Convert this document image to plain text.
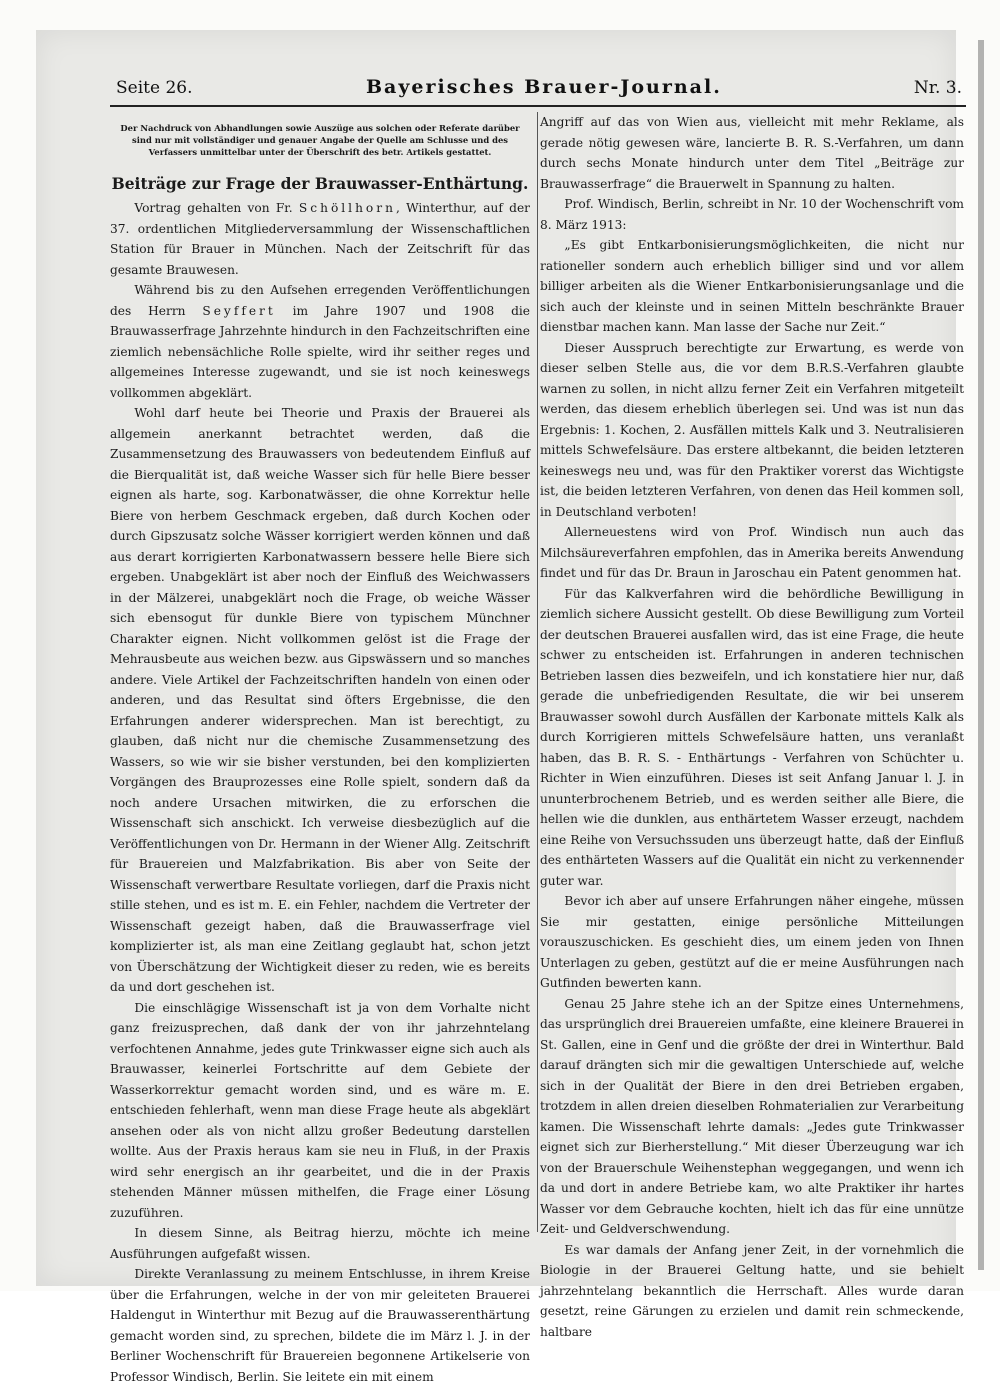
Seite 26.	Bayerisches Brauer-Journal.	Nr. 3.
Der Nachdruck von Abhandlungen sowie Auszüge aus solchen oder Referate darüber sind nur mit vollständiger und genauer Angabe der Quelle am Schlusse und des Verfassers unmittelbar unter der Überschrift des betr. Artikels gestattet.
Beiträge zur Frage der Brauwasser-Enthärtung.

Vortrag gehalten von Fr. Schöllhorn, Winterthur, auf der 37. ordentlichen Mitgliederversammlung der Wissenschaftlichen Station für Brauer in München. Nach der Zeitschrift für das gesamte Brauwesen.

Während bis zu den Aufsehen erregenden Veröffentlichungen des Herrn Seyffert im Jahre 1907 und 1908 die Brauwasserfrage Jahrzehnte hindurch in den Fachzeitschriften eine ziemlich nebensächliche Rolle spielte, wird ihr seither reges und allgemeines Interesse zugewandt, und sie ist noch keineswegs vollkommen abgeklärt.

Wohl darf heute bei Theorie und Praxis der Brauerei als allgemein anerkannt betrachtet werden, daß die Zusammensetzung des Brauwassers von bedeutendem Einfluß auf die Bierqualität ist, daß weiche Wasser sich für helle Biere besser eignen als harte, sog. Karbonatwässer, die ohne Korrektur helle Biere von herbem Geschmack ergeben, daß durch Kochen oder durch Gipszusatz solche Wässer korrigiert werden können und daß aus derart korrigierten Karbonatwassern bessere helle Biere sich ergeben. Unabgeklärt ist aber noch der Einfluß des Weichwassers in der Mälzerei, unabgeklärt noch die Frage, ob weiche Wässer sich ebensogut für dunkle Biere von typischem Münchner Charakter eignen. Nicht vollkommen gelöst ist die Frage der Mehrausbeute aus weichen bezw. aus Gipswässern und so manches andere. Viele Artikel der Fachzeitschriften handeln von einen oder anderen, und das Resultat sind öfters Ergebnisse, die den Erfahrungen anderer widersprechen. Man ist berechtigt, zu glauben, daß nicht nur die chemische Zusammensetzung des Wassers, so wie wir sie bisher verstunden, bei den komplizierten Vorgängen des Brauprozesses eine Rolle spielt, sondern daß da noch andere Ursachen mitwirken, die zu erforschen die Wissenschaft sich anschickt. Ich verweise diesbezüglich auf die Veröffentlichungen von Dr. Hermann in der Wiener Allg. Zeitschrift für Brauereien und Malzfabrikation. Bis aber von Seite der Wissenschaft verwertbare Resultate vorliegen, darf die Praxis nicht stille stehen, und es ist m. E. ein Fehler, nachdem die Vertreter der Wissenschaft gezeigt haben, daß die Brauwasserfrage viel komplizierter ist, als man eine Zeitlang geglaubt hat, schon jetzt von Überschätzung der Wichtigkeit dieser zu reden, wie es bereits da und dort geschehen ist.

Die einschlägige Wissenschaft ist ja von dem Vorhalte nicht ganz freizusprechen, daß dank der von ihr jahrzehntelang verfochtenen Annahme, jedes gute Trinkwasser eigne sich auch als Brauwasser, keinerlei Fortschritte auf dem Gebiete der Wasserkorrektur gemacht worden sind, und es wäre m. E. entschieden fehlerhaft, wenn man diese Frage heute als abgeklärt ansehen oder als von nicht allzu großer Bedeutung darstellen wollte. Aus der Praxis heraus kam sie neu in Fluß, in der Praxis wird sehr energisch an ihr gearbeitet, und die in der Praxis stehenden Männer müssen mithelfen, die Frage einer Lösung zuzuführen.

In diesem Sinne, als Beitrag hierzu, möchte ich meine Ausführungen aufgefaßt wissen.

Direkte Veranlassung zu meinem Entschlusse, in ihrem Kreise über die Erfahrungen, welche in der von mir geleiteten Brauerei Haldengut in Winterthur mit Bezug auf die Brauwasserenthärtung gemacht worden sind, zu sprechen, bildete die im März l. J. in der Berliner Wochenschrift für Brauereien begonnene Artikelserie von Professor Windisch, Berlin. Sie leitete ein mit einem

Angriff auf das von Wien aus, vielleicht mit mehr Reklame, als gerade nötig gewesen wäre, lancierte B. R. S.-Verfahren, um dann durch sechs Monate hindurch unter dem Titel „Beiträge zur Brauwasserfrage“ die Brauerwelt in Spannung zu halten.

Prof. Windisch, Berlin, schreibt in Nr. 10 der Wochenschrift vom 8. März 1913:

„Es gibt Entkarbonisierungsmöglichkeiten, die nicht nur rationeller sondern auch erheblich billiger sind und vor allem billiger arbeiten als die Wiener Entkarbonisierungsanlage und die sich auch der kleinste und in seinen Mitteln beschränkte Brauer dienstbar machen kann. Man lasse der Sache nur Zeit.“

Dieser Ausspruch berechtigte zur Erwartung, es werde von dieser selben Stelle aus, die vor dem B.R.S.-Verfahren glaubte warnen zu sollen, in nicht allzu ferner Zeit ein Verfahren mitgeteilt werden, das diesem erheblich überlegen sei. Und was ist nun das Ergebnis: 1. Kochen, 2. Ausfällen mittels Kalk und 3. Neutralisieren mittels Schwefelsäure. Das erstere altbekannt, die beiden letzteren keineswegs neu und, was für den Praktiker vorerst das Wichtigste ist, die beiden letzteren Verfahren, von denen das Heil kommen soll, in Deutschland verboten!

Allerneuestens wird von Prof. Windisch nun auch das Milchsäureverfahren empfohlen, das in Amerika bereits Anwendung findet und für das Dr. Braun in Jaroschau ein Patent genommen hat.

Für das Kalkverfahren wird die behördliche Bewilligung in ziemlich sichere Aussicht gestellt. Ob diese Bewilligung zum Vorteil der deutschen Brauerei ausfallen wird, das ist eine Frage, die heute schwer zu entscheiden ist. Erfahrungen in anderen technischen Betrieben lassen dies bezweifeln, und ich konstatiere hier nur, daß gerade die unbefriedigenden Resultate, die wir bei unserem Brauwasser sowohl durch Ausfällen der Karbonate mittels Kalk als durch Korrigieren mittels Schwefelsäure hatten, uns veranlaßt haben, das B. R. S. - Enthärtungs - Verfahren von Schüchter u. Richter in Wien einzuführen. Dieses ist seit Anfang Januar l. J. in ununterbrochenem Betrieb, und es werden seither alle Biere, die hellen wie die dunklen, aus enthärtetem Wasser erzeugt, nachdem eine Reihe von Versuchssuden uns überzeugt hatte, daß der Einfluß des enthärteten Wassers auf die Qualität ein nicht zu verkennender guter war.

Bevor ich aber auf unsere Erfahrungen näher eingehe, müssen Sie mir gestatten, einige persönliche Mitteilungen vorauszuschicken. Es geschieht dies, um einem jeden von Ihnen Unterlagen zu geben, gestützt auf die er meine Ausführungen nach Gutfinden bewerten kann.

Genau 25 Jahre stehe ich an der Spitze eines Unternehmens, das ursprünglich drei Brauereien umfaßte, eine kleinere Brauerei in St. Gallen, eine in Genf und die größte der drei in Winterthur. Bald darauf drängten sich mir die gewaltigen Unterschiede auf, welche sich in der Qualität der Biere in den drei Betrieben ergaben, trotzdem in allen dreien dieselben Rohmaterialien zur Verarbeitung kamen. Die Wissenschaft lehrte damals: „Jedes gute Trinkwasser eignet sich zur Bierherstellung.“ Mit dieser Überzeugung war ich von der Brauerschule Weihenstephan weggegangen, und wenn ich da und dort in andere Betriebe kam, wo alte Praktiker ihr hartes Wasser vor dem Gebrauche kochten, hielt ich das für eine unnütze Zeit- und Geldverschwendung.

Es war damals der Anfang jener Zeit, in der vornehmlich die Biologie in der Brauerei Geltung hatte, und sie behielt jahrzehntelang bekanntlich die Herrschaft. Alles wurde daran gesetzt, reine Gärungen zu erzielen und damit rein schmeckende, haltbare
